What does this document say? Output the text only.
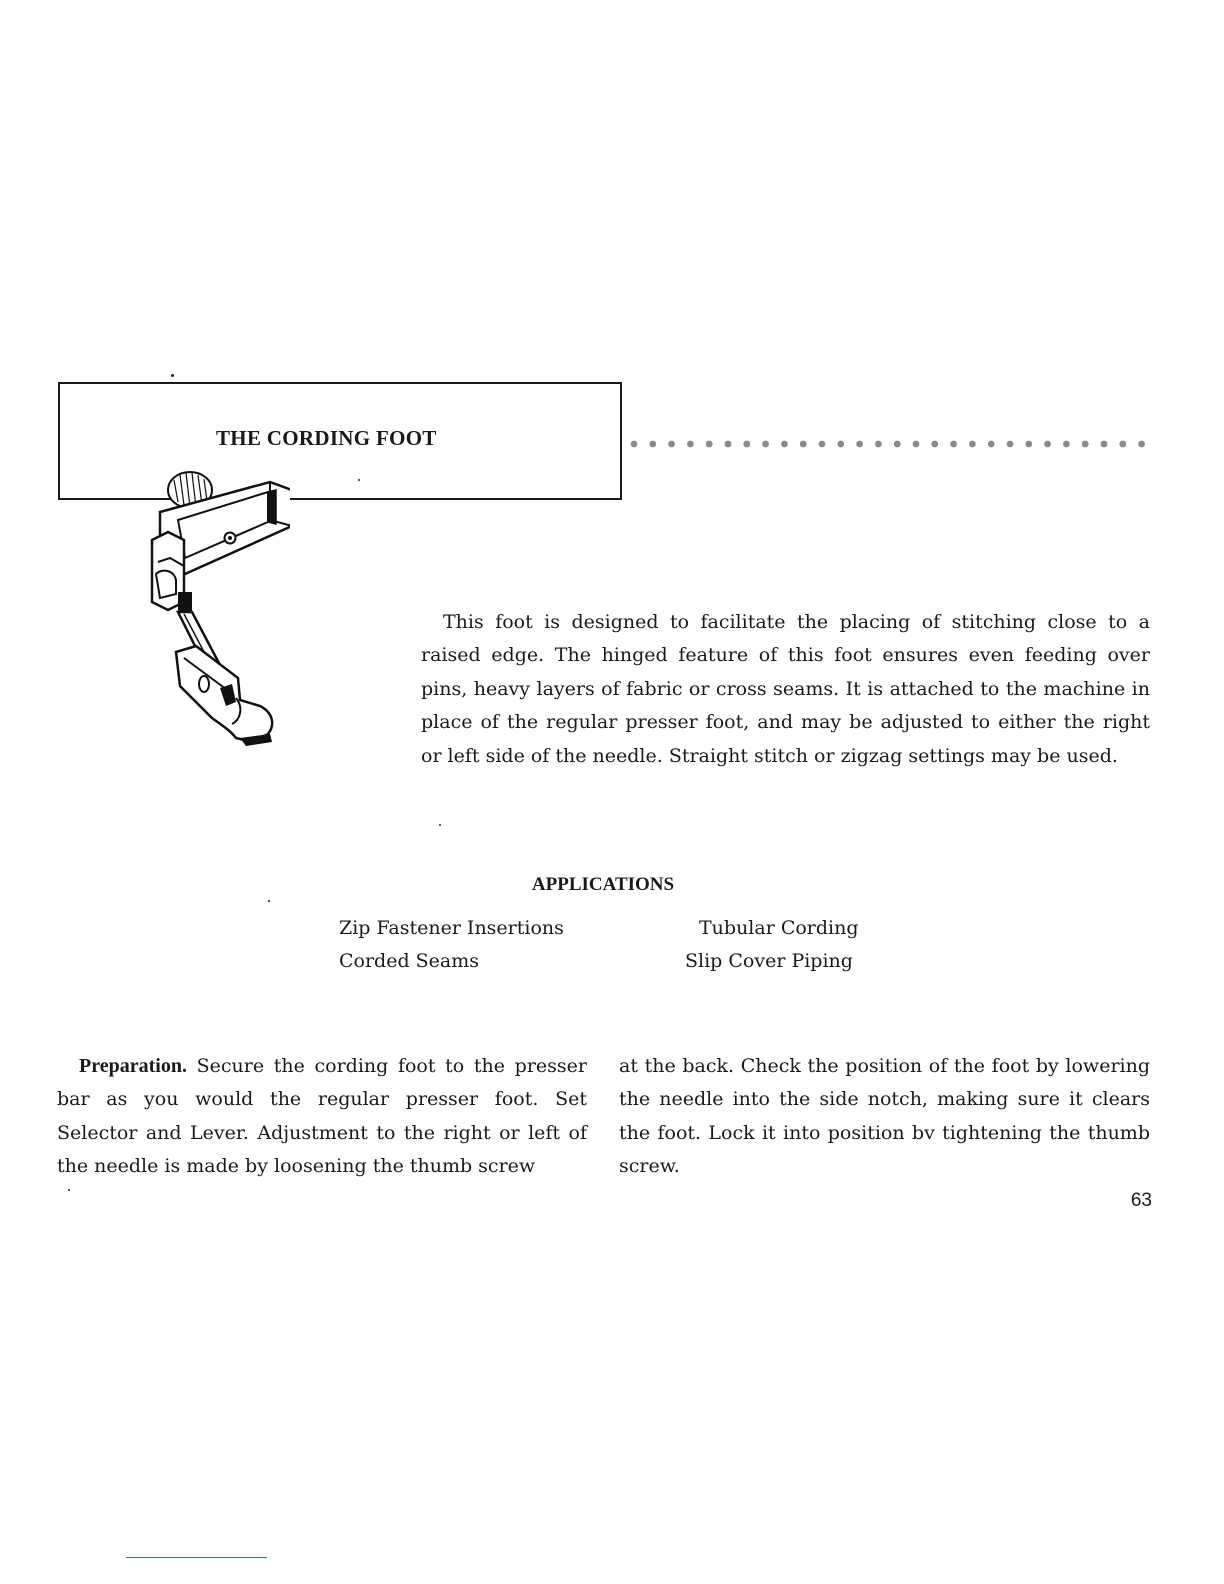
THE CORDING FOOT

This foot is designed to facilitate the placing of stitching close to a raised edge. The hinged feature of this foot ensures even feeding over pins, heavy layers of fabric or cross seams. It is attached to the machine in place of the regular presser foot, and may be adjusted to either the right or left side of the needle. Straight stitch or zigzag settings may be used.

APPLICATIONS
Zip Fastener Insertions	Tubular Cording
Corded Seams	Slip Cover Piping

Preparation. Secure the cording foot to the presser bar as you would the regular presser foot. Set Selector and Lever. Adjustment to the right or left of the needle is made by loosening the thumb screw

at the back. Check the position of the foot by lowering the needle into the side notch, making sure it clears the foot. Lock it into position bv tightening the thumb screw.

63
